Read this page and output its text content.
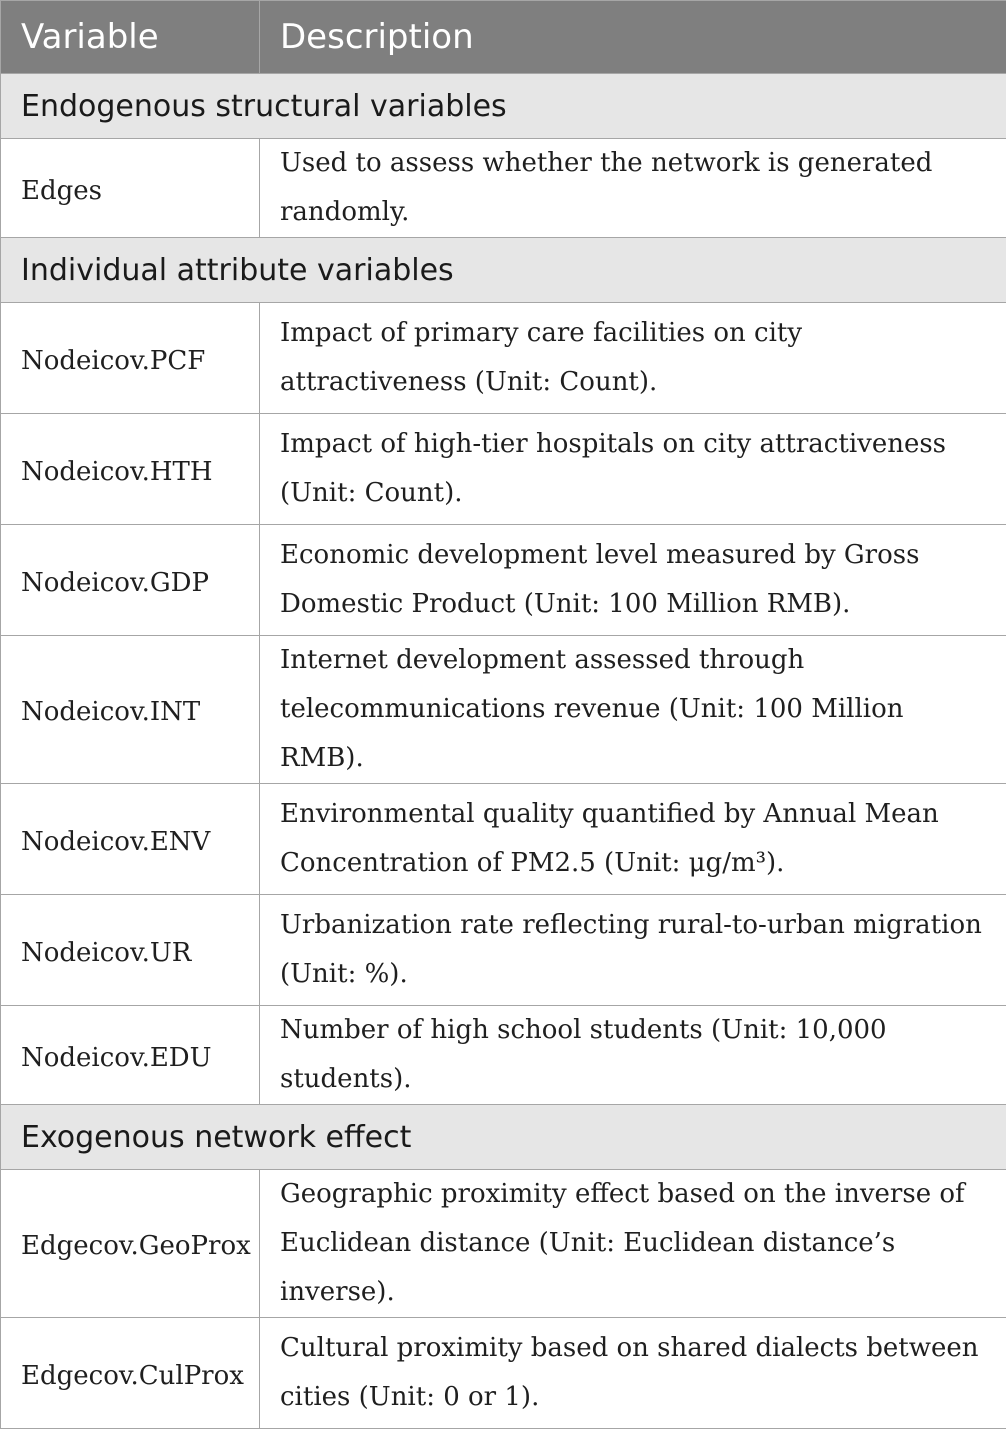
Variable	Description
Endogenous structural variables	
Edges	Used to assess whether the network is generated randomly.
Individual attribute variables	
Nodeicov.PCF	Impact of primary care facilities on city attractiveness (Unit: Count).
Nodeicov.HTH	Impact of high-tier hospitals on city attractiveness (Unit: Count).
Nodeicov.GDP	Economic development level measured by Gross Domestic Product (Unit: 100 Million RMB).
Nodeicov.INT	Internet development assessed through telecommunications revenue (Unit: 100 Million RMB).
Nodeicov.ENV	Environmental quality quantified by Annual Mean Concentration of PM2.5 (Unit: μg/m³).
Nodeicov.UR	Urbanization rate reflecting rural-to-urban migration (Unit: %).
Nodeicov.EDU	Number of high school students (Unit: 10,000 students).
Exogenous network effect	
Edgecov.GeoProx	Geographic proximity effect based on the inverse of Euclidean distance (Unit: Euclidean distance’s inverse).
Edgecov.CulProx	Cultural proximity based on shared dialects between cities (Unit: 0 or 1).
